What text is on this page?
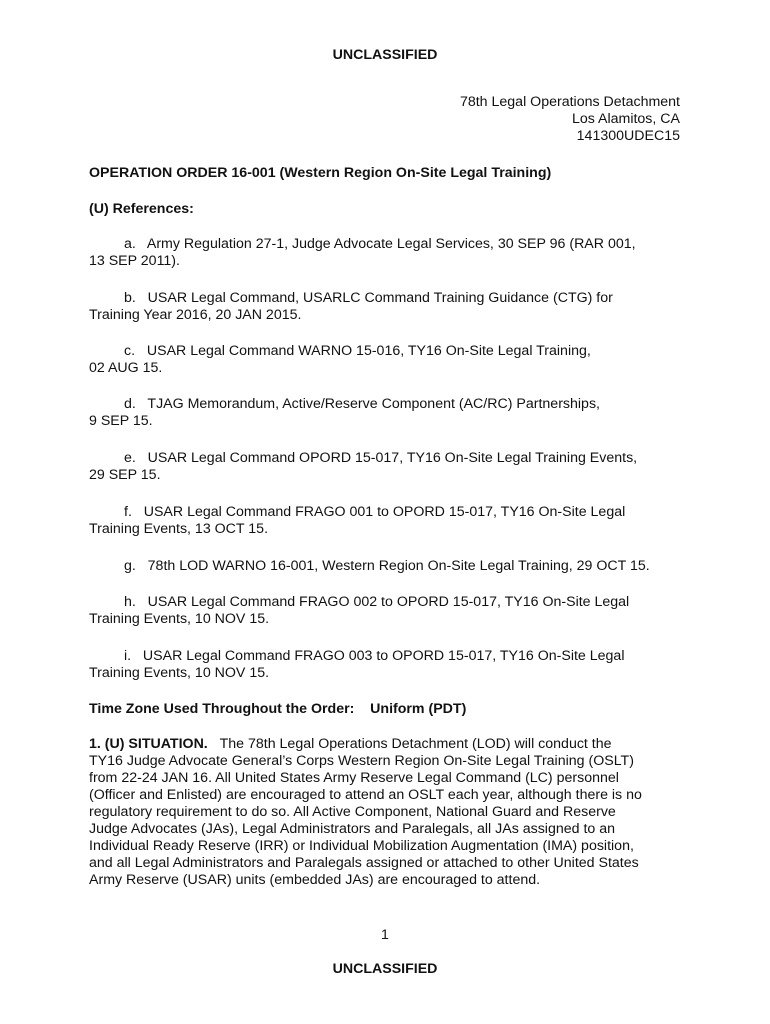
UNCLASSIFIED
78th Legal Operations Detachment
Los Alamitos, CA
141300UDEC15
OPERATION ORDER 16-001 (Western Region On-Site Legal Training)
(U) References:
a.   Army Regulation 27-1, Judge Advocate Legal Services, 30 SEP 96 (RAR 001,
13 SEP 2011).
b.   USAR Legal Command, USARLC Command Training Guidance (CTG) for
Training Year 2016, 20 JAN 2015.
c.   USAR Legal Command WARNO 15-016, TY16 On-Site Legal Training,
02 AUG 15.
d.   TJAG Memorandum, Active/Reserve Component (AC/RC) Partnerships,
9 SEP 15.
e.   USAR Legal Command OPORD 15-017, TY16 On-Site Legal Training Events,
29 SEP 15.
f.   USAR Legal Command FRAGO 001 to OPORD 15-017, TY16 On-Site Legal
Training Events, 13 OCT 15.
g.   78th LOD WARNO 16-001, Western Region On-Site Legal Training, 29 OCT 15.
h.   USAR Legal Command FRAGO 002 to OPORD 15-017, TY16 On-Site Legal
Training Events, 10 NOV 15.
i.   USAR Legal Command FRAGO 003 to OPORD 15-017, TY16 On-Site Legal
Training Events, 10 NOV 15.
Time Zone Used Throughout the Order: Uniform (PDT)
1. (U) SITUATION. The 78th Legal Operations Detachment (LOD) will conduct the
TY16 Judge Advocate General’s Corps Western Region On-Site Legal Training (OSLT)
from 22-24 JAN 16. All United States Army Reserve Legal Command (LC) personnel
(Officer and Enlisted) are encouraged to attend an OSLT each year, although there is no
regulatory requirement to do so. All Active Component, National Guard and Reserve
Judge Advocates (JAs), Legal Administrators and Paralegals, all JAs assigned to an
Individual Ready Reserve (IRR) or Individual Mobilization Augmentation (IMA) position,
and all Legal Administrators and Paralegals assigned or attached to other United States
Army Reserve (USAR) units (embedded JAs) are encouraged to attend.
1
UNCLASSIFIED
